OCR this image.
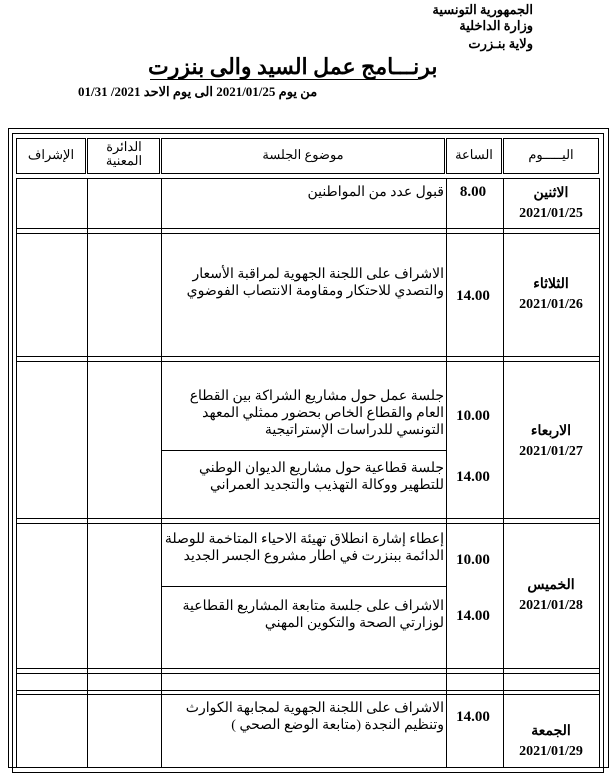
الجمهورية التونسية
وزارة الداخلية
ولاية بنـزرت
برنـــامج عمل السيد والى بنزرت
من يوم 2021/01/25 الى يوم الاحد 2021/ 01/31
اليـــــوم
الساعة
موضوع الجلسة
الدائرة المعنية
الإشراف
الاثنين
2021/01/25
8.00
قبول عدد من المواطنين
الثلاثاء
2021/01/26
14.00
الاشراف على اللجنة الجهوية لمراقبة الأسعار والتصدي للاحتكار ومقاومة الانتصاب الفوضوي
الاربعاء
2021/01/27
10.00
جلسة عمل حول مشاريع الشراكة بين القطاع العام والقطاع الخاص بحضور ممثلي المعهد التونسي للدراسات الإستراتيجية
14.00
جلسة قطاعية حول مشاريع الديوان الوطني للتطهير ووكالة التهذيب والتجديد العمراني
الخميس
2021/01/28
10.00
إعطاء إشارة انطلاق تهيئة الاحياء المتاخمة للوصلة الدائمة ببنزرت في اطار مشروع الجسر الجديد
14.00
الاشراف على جلسة متابعة المشاريع القطاعية لوزارتي الصحة والتكوين المهني
الجمعة
2021/01/29
14.00
الاشراف على اللجنة الجهوية لمجابهة الكوارث وتنظيم النجدة (متابعة الوضع الصحي )
